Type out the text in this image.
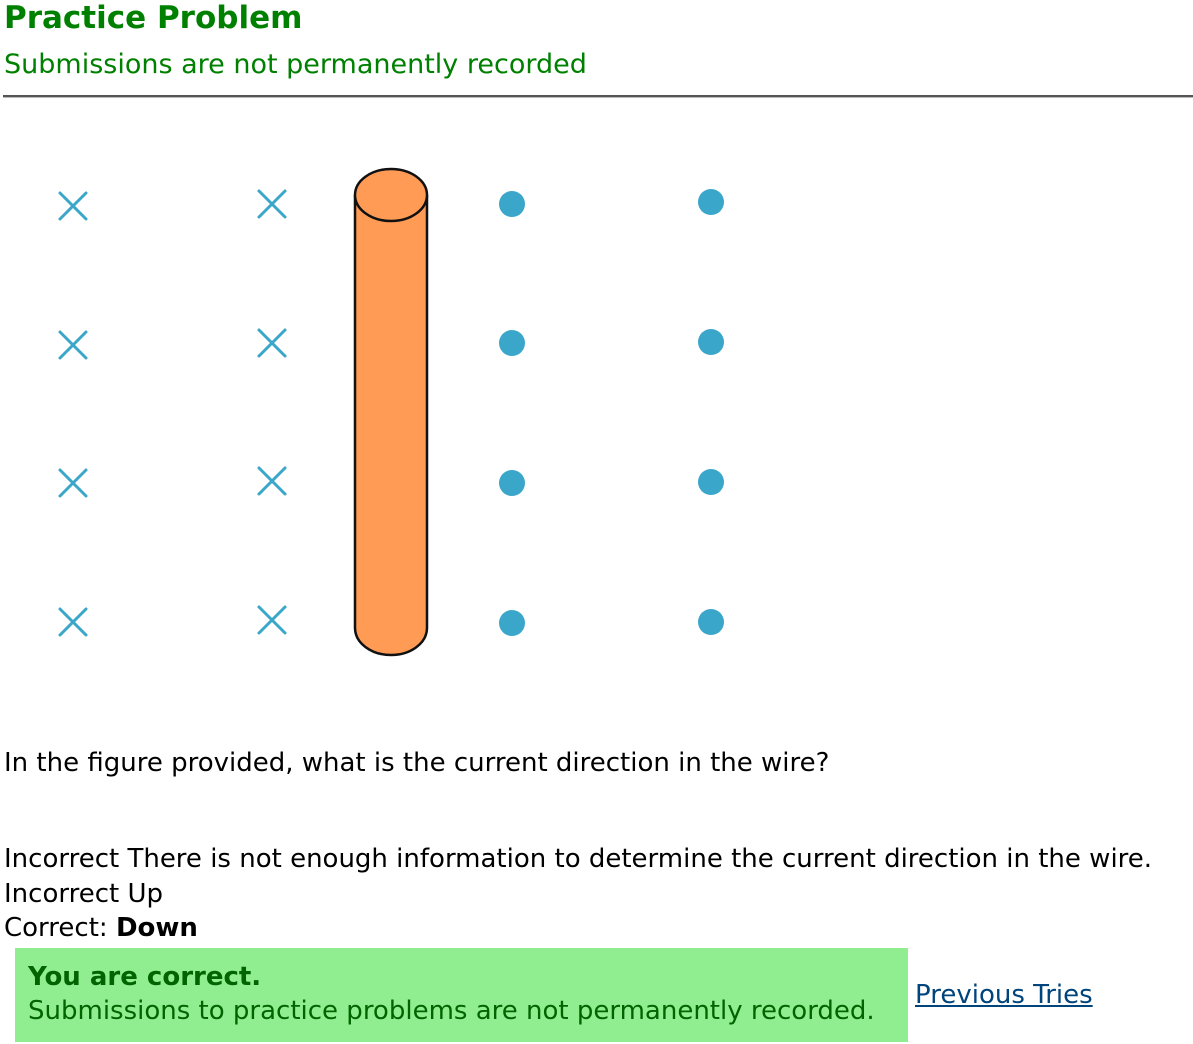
Practice Problem
Submissions are not permanently recorded
In the figure provided, what is the current direction in the wire?
Incorrect There is not enough information to determine the current direction in the wire.
Incorrect Up
Correct: Down
You are correct.
Submissions to practice problems are not permanently recorded.
Previous Tries
